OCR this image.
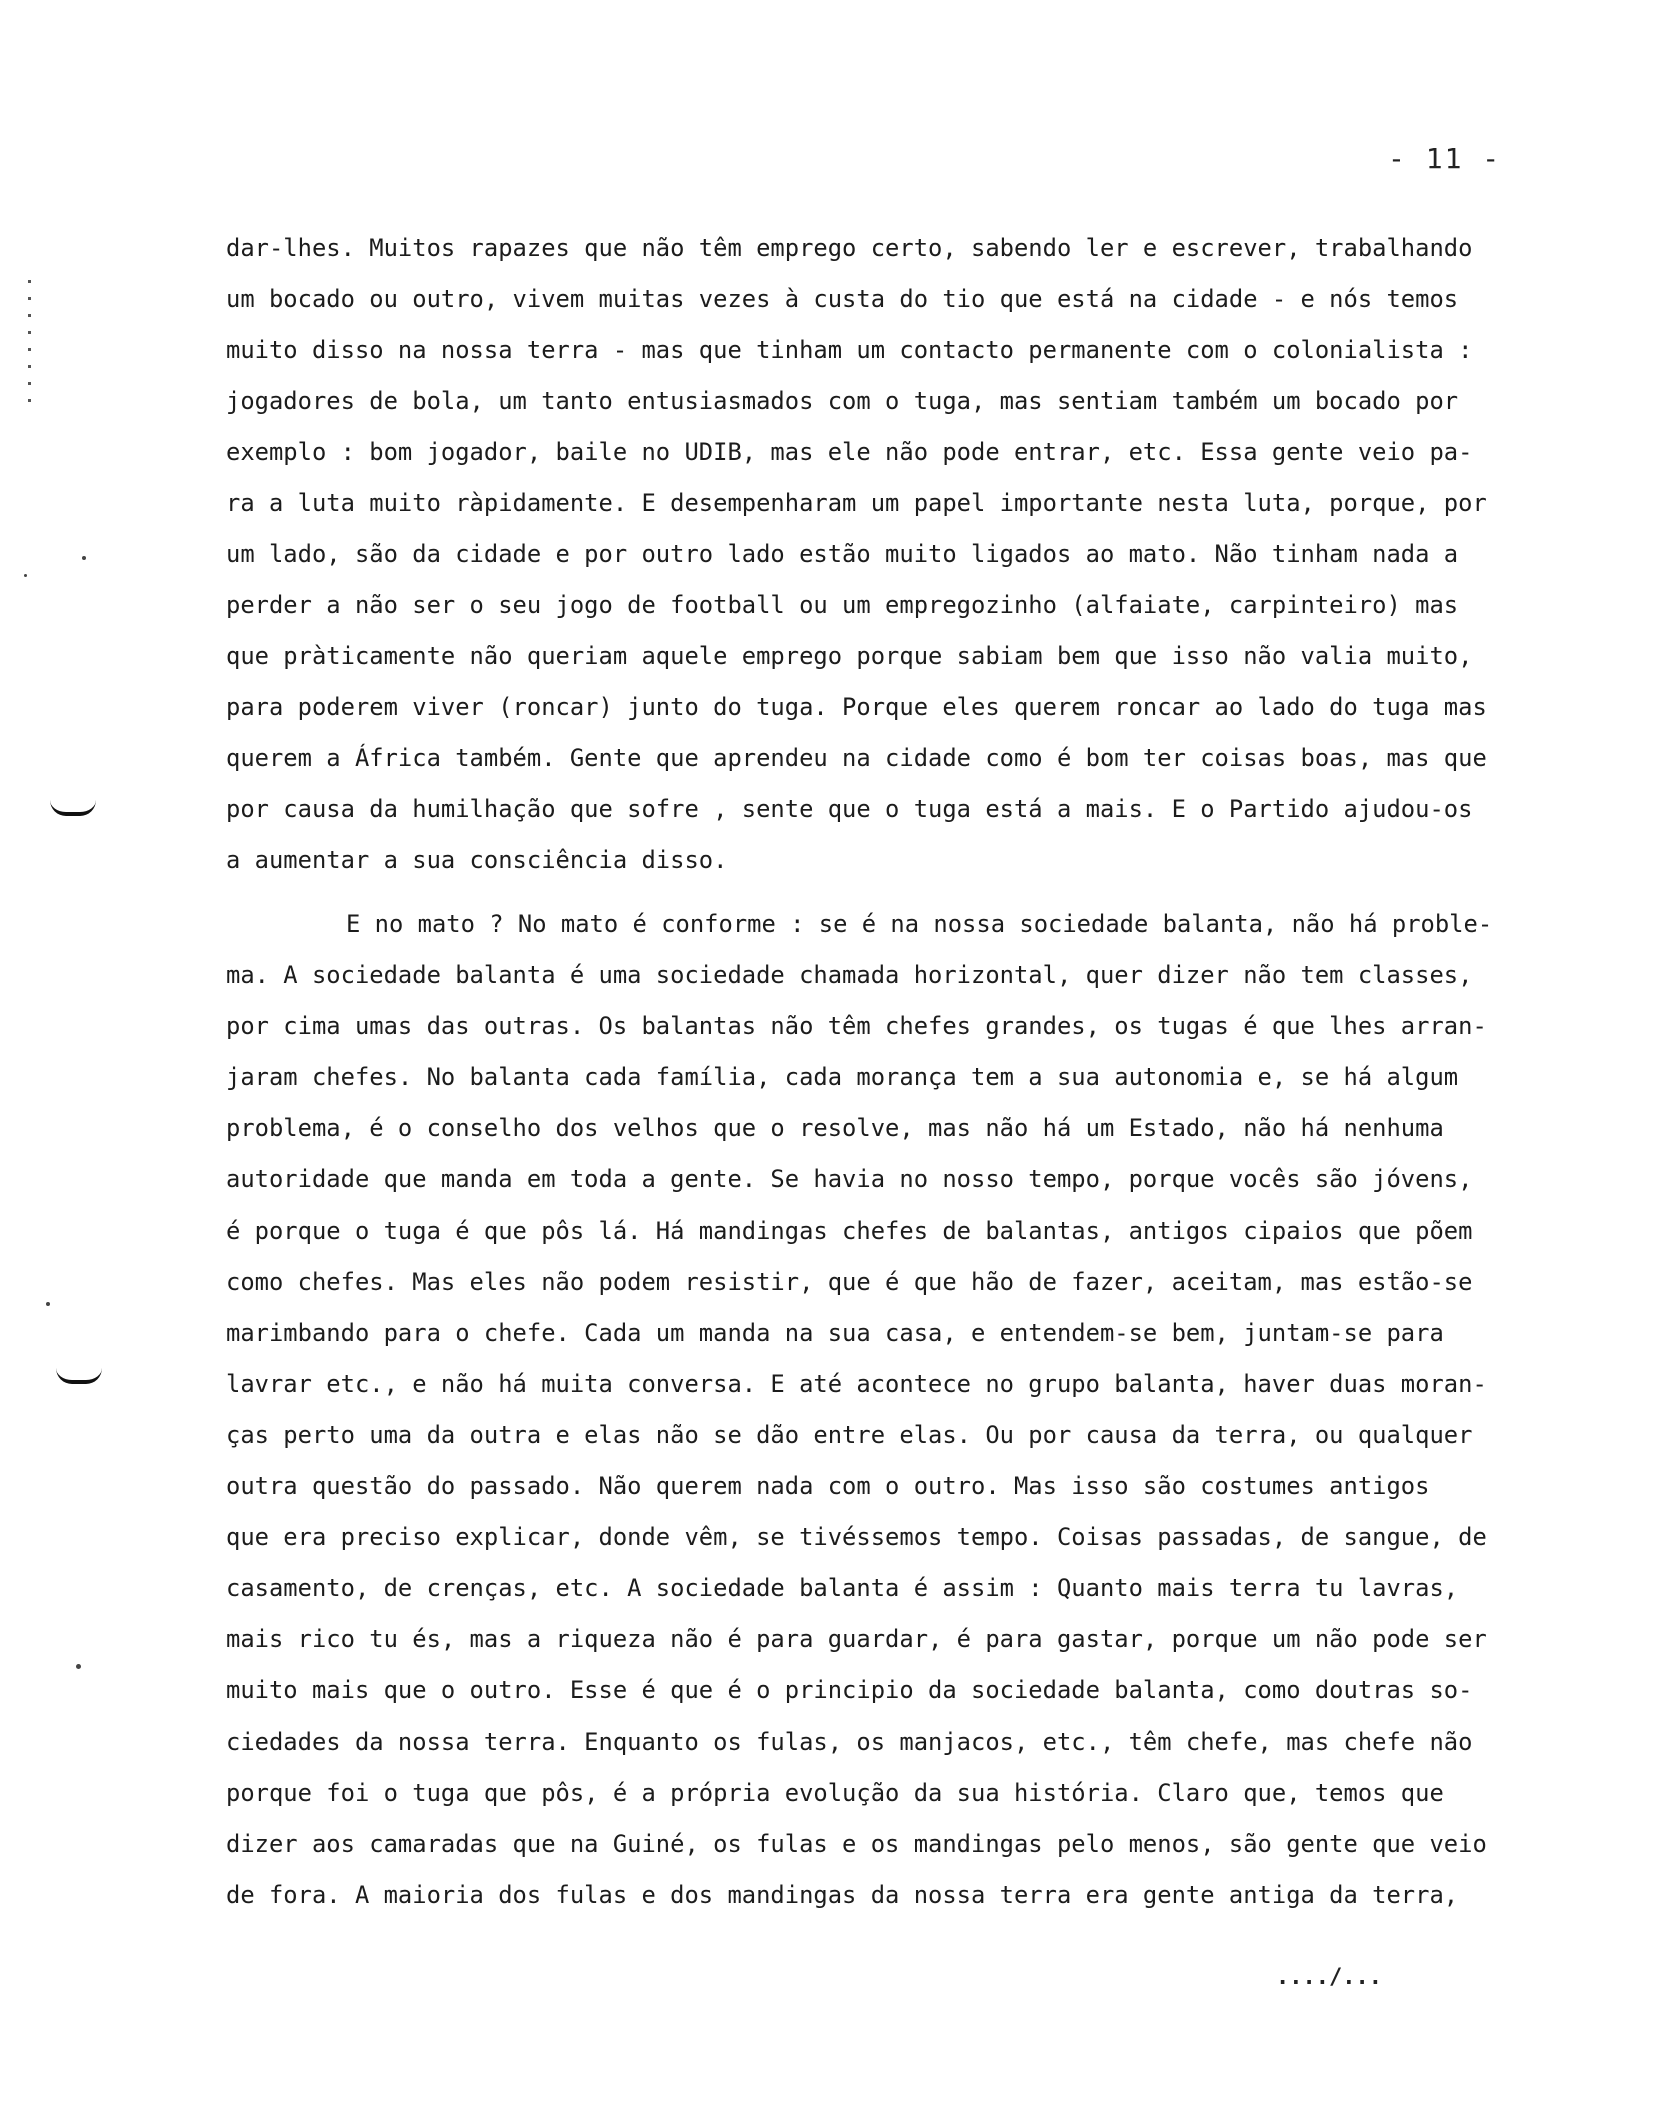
- 11 -
dar-lhes. Muitos rapazes que não têm emprego certo, sabendo ler e escrever, trabalhando
um bocado ou outro, vivem muitas vezes à custa do tio que está na cidade - e nós temos
muito disso na nossa terra - mas que tinham um contacto permanente com o colonialista :
jogadores de bola, um tanto entusiasmados com o tuga, mas sentiam também um bocado por
exemplo : bom jogador, baile no UDIB, mas ele não pode entrar, etc. Essa gente veio pa-
ra a luta muito ràpidamente. E desempenharam um papel importante nesta luta, porque, por
um lado, são da cidade e por outro lado estão muito ligados ao mato. Não tinham nada a
perder a não ser o seu jogo de football ou um empregozinho (alfaiate, carpinteiro) mas
que pràticamente não queriam aquele emprego porque sabiam bem que isso não valia muito,
para poderem viver (roncar) junto do tuga. Porque eles querem roncar ao lado do tuga mas
querem a África também. Gente que aprendeu na cidade como é bom ter coisas boas, mas que
por causa da humilhação que sofre , sente que o tuga está a mais. E o Partido ajudou-os
a aumentar a sua consciência disso.
E no mato ? No mato é conforme : se é na nossa sociedade balanta, não há proble-
ma. A sociedade balanta é uma sociedade chamada horizontal, quer dizer não tem classes,
por cima umas das outras. Os balantas não têm chefes grandes, os tugas é que lhes arran-
jaram chefes. No balanta cada família, cada morança tem a sua autonomia e, se há algum
problema, é o conselho dos velhos que o resolve, mas não há um Estado, não há nenhuma
autoridade que manda em toda a gente. Se havia no nosso tempo, porque vocês são jóvens,
é porque o tuga é que pôs lá. Há mandingas chefes de balantas, antigos cipaios que põem
como chefes. Mas eles não podem resistir, que é que hão de fazer, aceitam, mas estão-se
marimbando para o chefe. Cada um manda na sua casa, e entendem-se bem, juntam-se para
lavrar etc., e não há muita conversa. E até acontece no grupo balanta, haver duas moran-
ças perto uma da outra e elas não se dão entre elas. Ou por causa da terra, ou qualquer
outra questão do passado. Não querem nada com o outro. Mas isso são costumes antigos
que era preciso explicar, donde vêm, se tivéssemos tempo. Coisas passadas, de sangue, de
casamento, de crenças, etc. A sociedade balanta é assim : Quanto mais terra tu lavras,
mais rico tu és, mas a riqueza não é para guardar, é para gastar, porque um não pode ser
muito mais que o outro. Esse é que é o principio da sociedade balanta, como doutras so-
ciedades da nossa terra. Enquanto os fulas, os manjacos, etc., têm chefe, mas chefe não
porque foi o tuga que pôs, é a própria evolução da sua história. Claro que, temos que
dizer aos camaradas que na Guiné, os fulas e os mandingas pelo menos, são gente que veio
de fora. A maioria dos fulas e dos mandingas da nossa terra era gente antiga da terra,
..../...
